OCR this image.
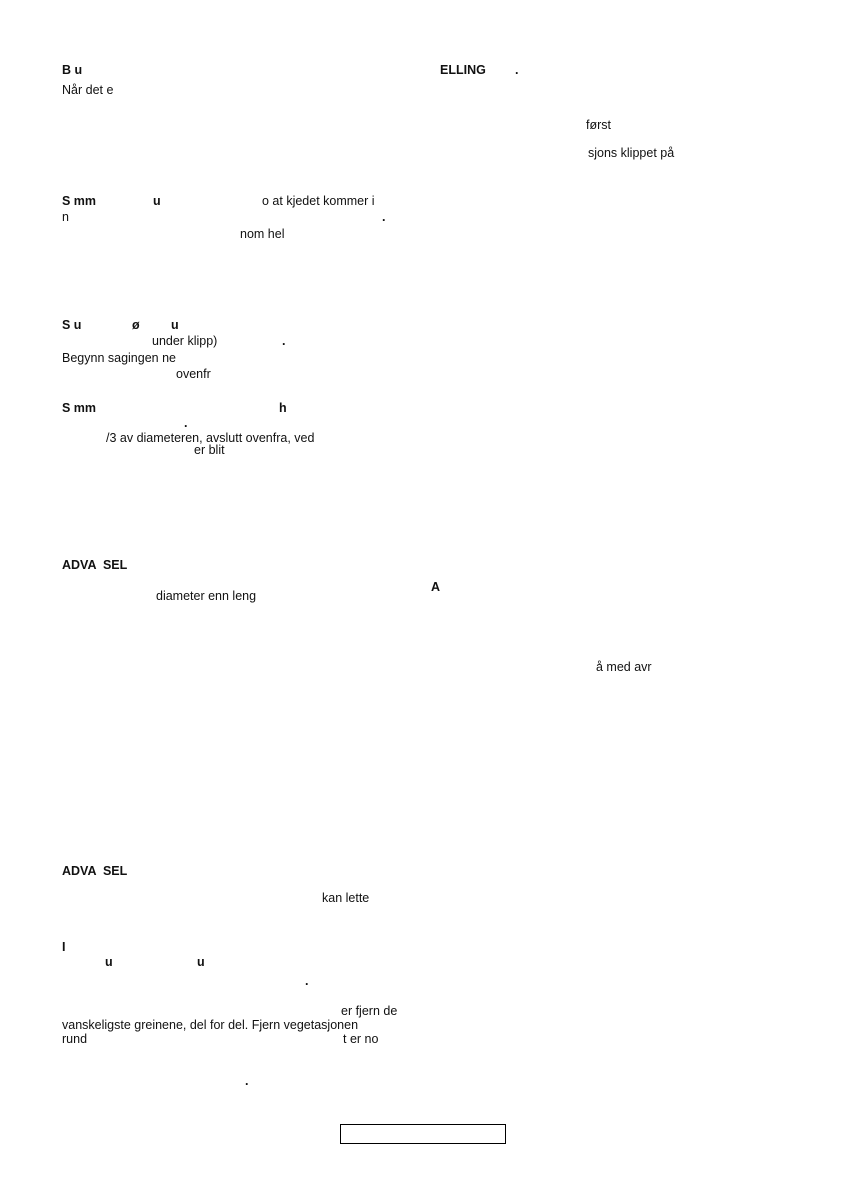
B u
Når det e
ELLING .
først
sjons klippet på
S mm	u	o at kjedet kommer i
n	.
nom hel
S u	ø	u
under klipp)	.
Begynn sagingen ne
ovenfr
S mm	h
.
/3 av diameteren, avslutt ovenfra, ved
er blit
ADVA  SEL
diameter enn leng
A
å med avr
ADVA  SEL
kan lette
I
u	u
.
er fjern de
vanskeligste greinene, del for del. Fjern vegetasjonen
rund	t er no
.
